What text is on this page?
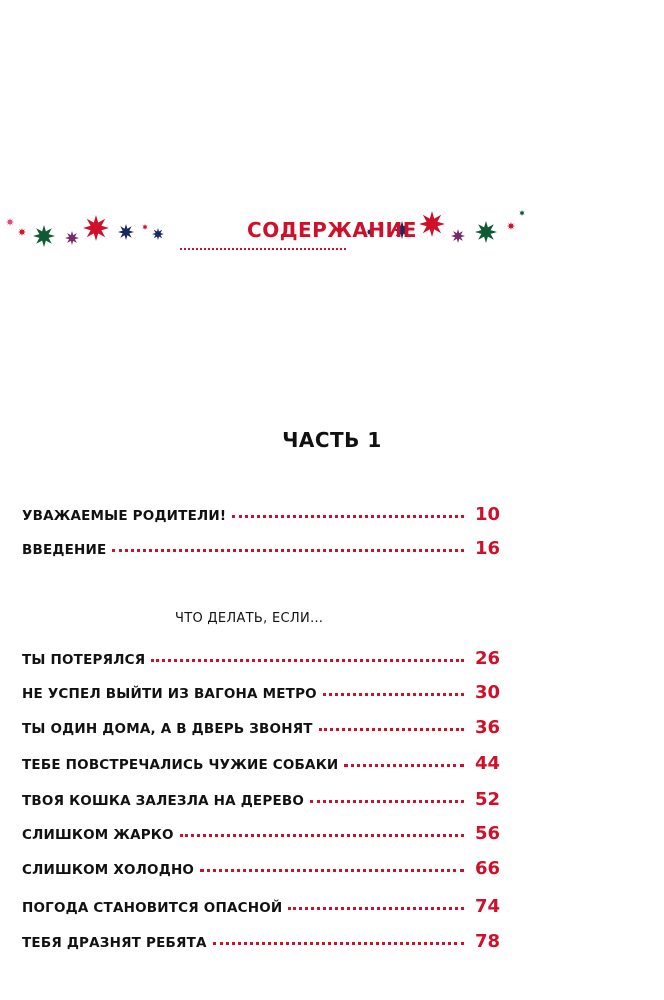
СОДЕРЖАНИЕ
ЧАСТЬ 1
УВАЖАЕМЫЕ РОДИТЕЛИ!	10
ВВЕДЕНИЕ	16
ЧТО ДЕЛАТЬ, ЕСЛИ…
ТЫ ПОТЕРЯЛСЯ	26
НЕ УСПЕЛ ВЫЙТИ ИЗ ВАГОНА МЕТРО	30
ТЫ ОДИН ДОМА, А В ДВЕРЬ ЗВОНЯТ	36
ТЕБЕ ПОВСТРЕЧАЛИСЬ ЧУЖИЕ СОБАКИ	44
ТВОЯ КОШКА ЗАЛЕЗЛА НА ДЕРЕВО	52
СЛИШКОМ ЖАРКО	56
СЛИШКОМ ХОЛОДНО	66
ПОГОДА СТАНОВИТСЯ ОПАСНОЙ	74
ТЕБЯ ДРАЗНЯТ РЕБЯТА	78
